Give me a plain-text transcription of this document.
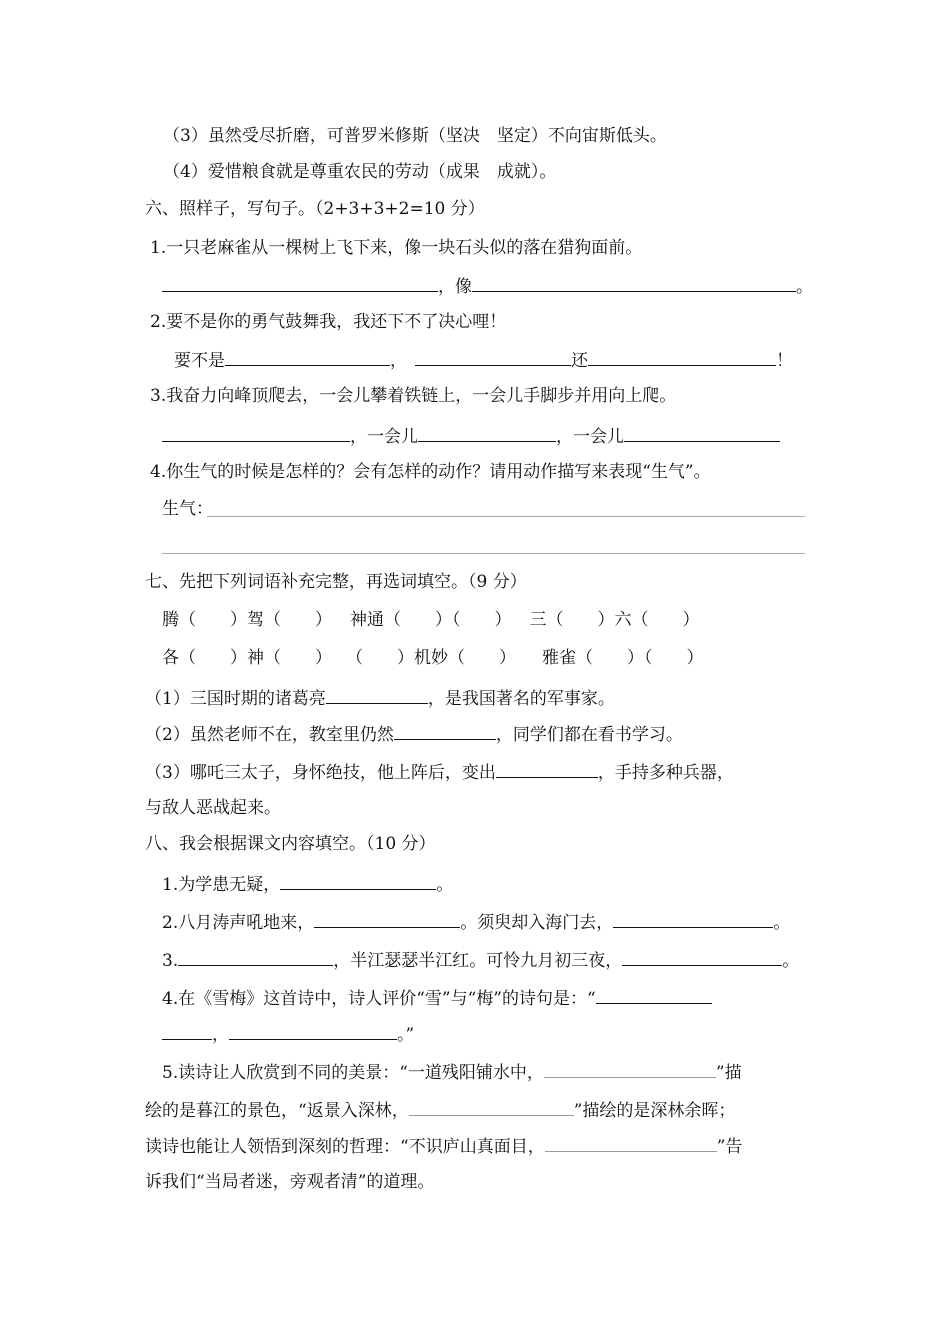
（3）虽然受尽折磨，可普罗米修斯（坚决　坚定）不向宙斯低头。
（4）爱惜粮食就是尊重农民的劳动（成果　成就）。
六、照样子，写句子。（2+3+3+2=10 分）
1.一只老麻雀从一棵树上飞下来，像一块石头似的落在猎狗面前。
，像	。
2.要不是你的勇气鼓舞我，我还下不了决心哩！
要不是	，	还	！
3.我奋力向峰顶爬去，一会儿攀着铁链上，一会儿手脚步并用向上爬。
，一会儿	，一会儿
4.你生气的时候是怎样的？会有怎样的动作？请用动作描写来表现“生气”。
生气：
七、先把下列词语补充完整，再选词填空。（9 分）
腾（　　）驾（　　） 神通（　　）（　　） 三（　　）六（　　）
各（　　）神（　　） （　　）机妙（　　） 雅雀（　　）（　　）
（1）三国时期的诸葛亮	，是我国著名的军事家。
（2）虽然老师不在，教室里仍然	，同学们都在看书学习。
（3）哪吒三太子，身怀绝技，他上阵后，变出	，手持多种兵器，
与敌人恶战起来。
八、我会根据课文内容填空。（10 分）
1.为学患无疑，	。
2.八月涛声吼地来，	。须臾却入海门去，	。
3.	，半江瑟瑟半江红。可怜九月初三夜，	。
4.在《雪梅》这首诗中，诗人评价“雪”与“梅”的诗句是：“
，	。”
5.读诗让人欣赏到不同的美景：“一道残阳铺水中，	”描
绘的是暮江的景色，“返景入深林，	”描绘的是深林余晖；
读诗也能让人领悟到深刻的哲理：“不识庐山真面目，	”告
诉我们“当局者迷，旁观者清”的道理。
